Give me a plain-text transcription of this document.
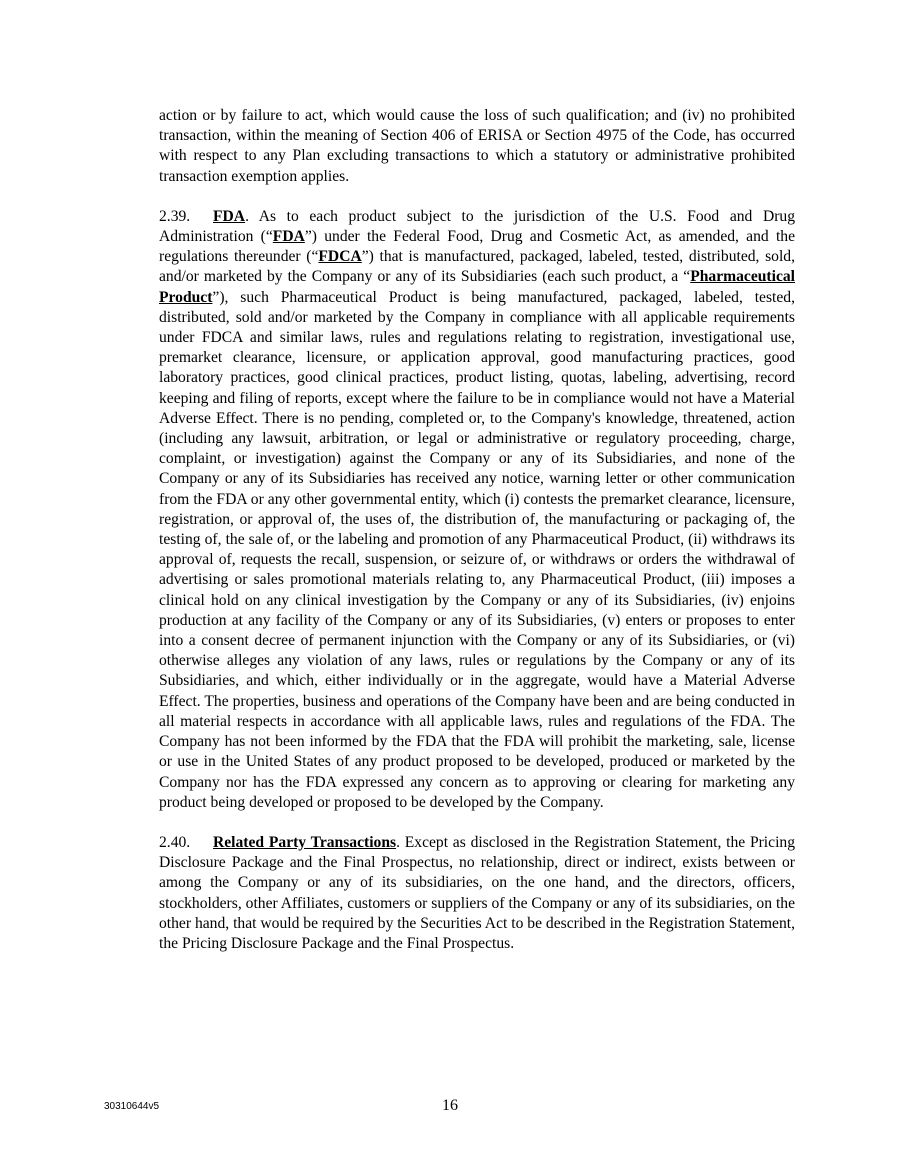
action or by failure to act, which would cause the loss of such qualification; and (iv) no prohibited transaction, within the meaning of Section 406 of ERISA or Section 4975 of the Code, has occurred with respect to any Plan excluding transactions to which a statutory or administrative prohibited transaction exemption applies.

2.39. FDA. As to each product subject to the jurisdiction of the U.S. Food and Drug Administration (“FDA”) under the Federal Food, Drug and Cosmetic Act, as amended, and the regulations thereunder (“FDCA”) that is manufactured, packaged, labeled, tested, distributed, sold, and/or marketed by the Company or any of its Subsidiaries (each such product, a “Pharmaceutical Product”), such Pharmaceutical Product is being manufactured, packaged, labeled, tested, distributed, sold and/or marketed by the Company in compliance with all applicable requirements under FDCA and similar laws, rules and regulations relating to registration, investigational use, premarket clearance, licensure, or application approval, good manufacturing practices, good laboratory practices, good clinical practices, product listing, quotas, labeling, advertising, record keeping and filing of reports, except where the failure to be in compliance would not have a Material Adverse Effect. There is no pending, completed or, to the Company's knowledge, threatened, action (including any lawsuit, arbitration, or legal or administrative or regulatory proceeding, charge, complaint, or investigation) against the Company or any of its Subsidiaries, and none of the Company or any of its Subsidiaries has received any notice, warning letter or other communication from the FDA or any other governmental entity, which (i) contests the premarket clearance, licensure, registration, or approval of, the uses of, the distribution of, the manufacturing or packaging of, the testing of, the sale of, or the labeling and promotion of any Pharmaceutical Product, (ii) withdraws its approval of, requests the recall, suspension, or seizure of, or withdraws or orders the withdrawal of advertising or sales promotional materials relating to, any Pharmaceutical Product, (iii) imposes a clinical hold on any clinical investigation by the Company or any of its Subsidiaries, (iv) enjoins production at any facility of the Company or any of its Subsidiaries, (v) enters or proposes to enter into a consent decree of permanent injunction with the Company or any of its Subsidiaries, or (vi) otherwise alleges any violation of any laws, rules or regulations by the Company or any of its Subsidiaries, and which, either individually or in the aggregate, would have a Material Adverse Effect. The properties, business and operations of the Company have been and are being conducted in all material respects in accordance with all applicable laws, rules and regulations of the FDA. The Company has not been informed by the FDA that the FDA will prohibit the marketing, sale, license or use in the United States of any product proposed to be developed, produced or marketed by the Company nor has the FDA expressed any concern as to approving or clearing for marketing any product being developed or proposed to be developed by the Company.

2.40. Related Party Transactions. Except as disclosed in the Registration Statement, the Pricing Disclosure Package and the Final Prospectus, no relationship, direct or indirect, exists between or among the Company or any of its subsidiaries, on the one hand, and the directors, officers, stockholders, other Affiliates, customers or suppliers of the Company or any of its subsidiaries, on the other hand, that would be required by the Securities Act to be described in the Registration Statement, the Pricing Disclosure Package and the Final Prospectus.

30310644v5	16
